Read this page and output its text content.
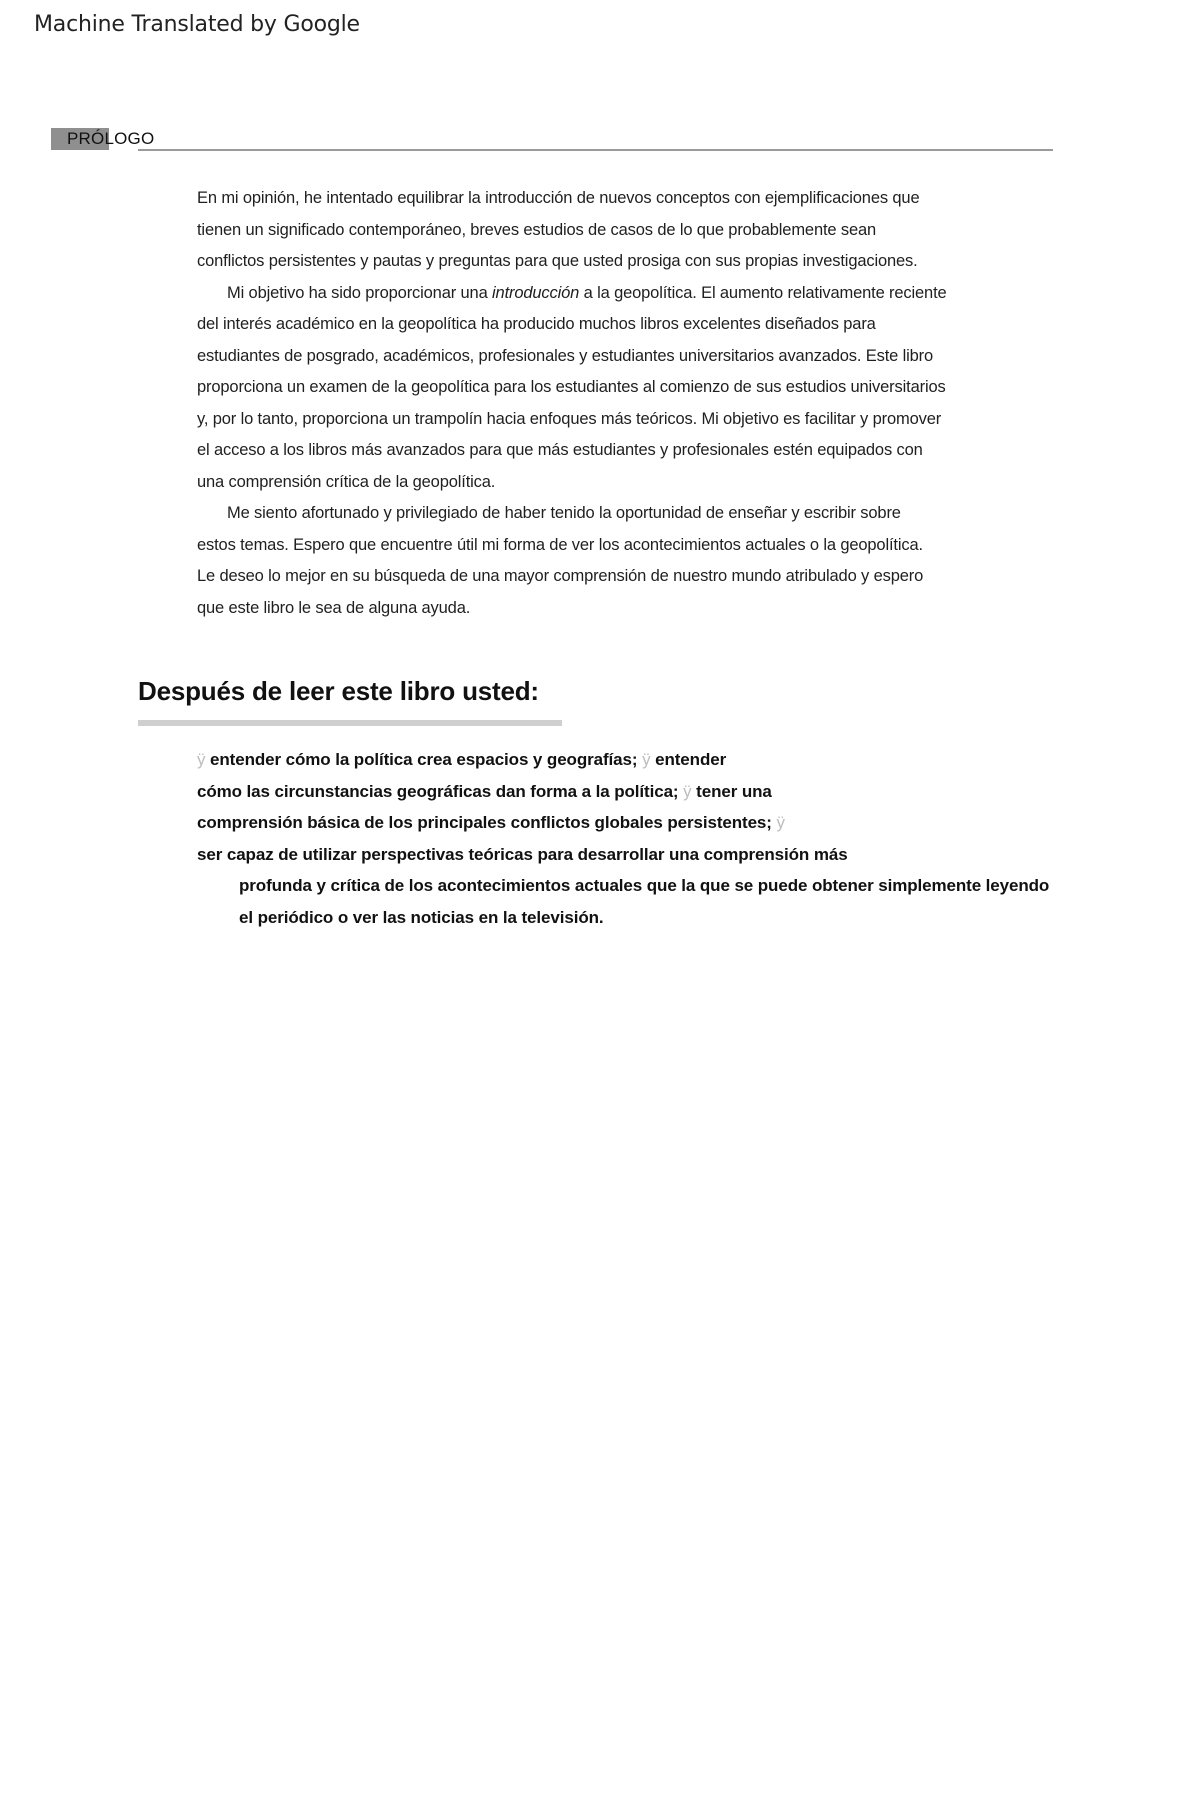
Machine Translated by Google
PRÓLOGO
En mi opinión, he intentado equilibrar la introducción de nuevos conceptos con ejemplificaciones que
tienen un significado contemporáneo, breves estudios de casos de lo que probablemente sean
conflictos persistentes y pautas y preguntas para que usted prosiga con sus propias investigaciones.
Mi objetivo ha sido proporcionar una introducción a la geopolítica. El aumento relativamente reciente
del interés académico en la geopolítica ha producido muchos libros excelentes diseñados para
estudiantes de posgrado, académicos, profesionales y estudiantes universitarios avanzados. Este libro
proporciona un examen de la geopolítica para los estudiantes al comienzo de sus estudios universitarios
y, por lo tanto, proporciona un trampolín hacia enfoques más teóricos. Mi objetivo es facilitar y promover
el acceso a los libros más avanzados para que más estudiantes y profesionales estén equipados con
una comprensión crítica de la geopolítica.
Me siento afortunado y privilegiado de haber tenido la oportunidad de enseñar y escribir sobre
estos temas. Espero que encuentre útil mi forma de ver los acontecimientos actuales o la geopolítica.
Le deseo lo mejor en su búsqueda de una mayor comprensión de nuestro mundo atribulado y espero
que este libro le sea de alguna ayuda.
Después de leer este libro usted:
ÿ entender cómo la política crea espacios y geografías; ÿ entender
cómo las circunstancias geográficas dan forma a la política; ÿ tener una
comprensión básica de los principales conflictos globales persistentes; ÿ
ser capaz de utilizar perspectivas teóricas para desarrollar una comprensión más
profunda y crítica de los acontecimientos actuales que la que se puede obtener simplemente leyendo
el periódico o ver las noticias en la televisión.
